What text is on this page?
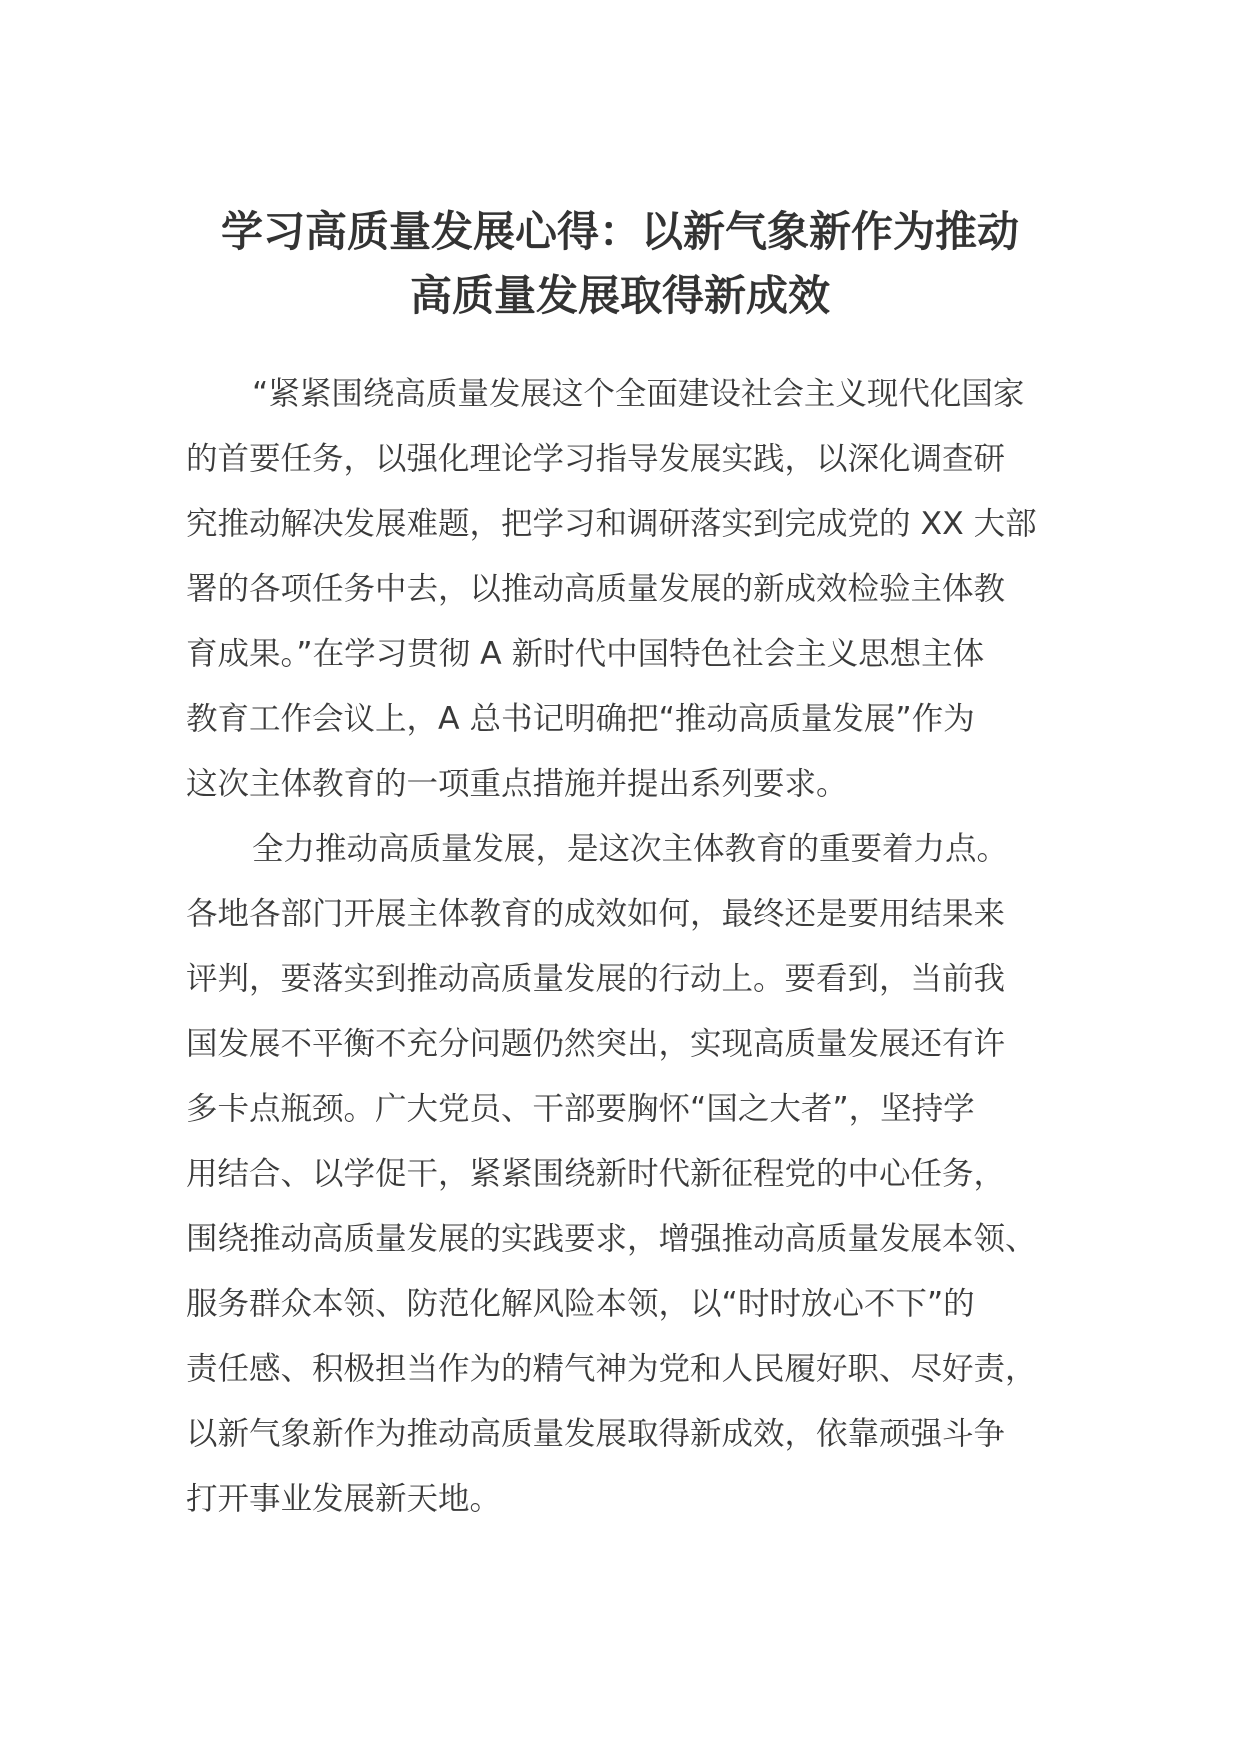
学习高质量发展心得：以新气象新作为推动
高质量发展取得新成效
“紧紧围绕高质量发展这个全面建设社会主义现代化国家
的首要任务，以强化理论学习指导发展实践，以深化调查研
究推动解决发展难题，把学习和调研落实到完成党的 XX 大部
署的各项任务中去，以推动高质量发展的新成效检验主体教
育成果。”在学习贯彻 A 新时代中国特色社会主义思想主体
教育工作会议上，A 总书记明确把“推动高质量发展”作为
这次主体教育的一项重点措施并提出系列要求。
全力推动高质量发展，是这次主体教育的重要着力点。
各地各部门开展主体教育的成效如何，最终还是要用结果来
评判，要落实到推动高质量发展的行动上。要看到，当前我
国发展不平衡不充分问题仍然突出，实现高质量发展还有许
多卡点瓶颈。广大党员、干部要胸怀“国之大者”，坚持学
用结合、以学促干，紧紧围绕新时代新征程党的中心任务，
围绕推动高质量发展的实践要求，增强推动高质量发展本领、
服务群众本领、防范化解风险本领，以“时时放心不下”的
责任感、积极担当作为的精气神为党和人民履好职、尽好责，
以新气象新作为推动高质量发展取得新成效，依靠顽强斗争
打开事业发展新天地。
